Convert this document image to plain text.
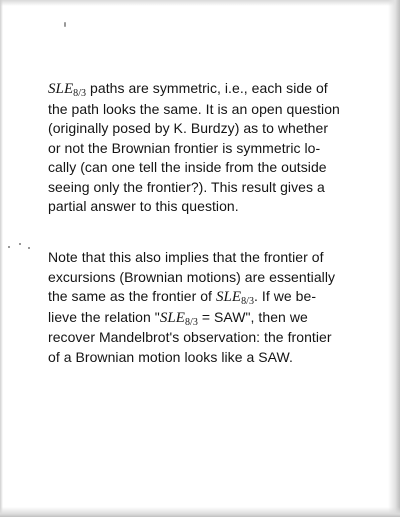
$SLE_{8/3}$ paths are symmetric, i.e., each side of
the path looks the same. It is an open question
(originally posed by K. Burdzy) as to whether
or not the Brownian frontier is symmetric lo-
cally (can one tell the inside from the outside
seeing only the frontier?). This result gives a
partial answer to this question.

Note that this also implies that the frontier of
excursions (Brownian motions) are essentially
the same as the frontier of $SLE_{8/3}$. If we be-
lieve the relation "$SLE_{8/3}$ = SAW", then we
recover Mandelbrot's observation: the frontier
of a Brownian motion looks like a SAW.
